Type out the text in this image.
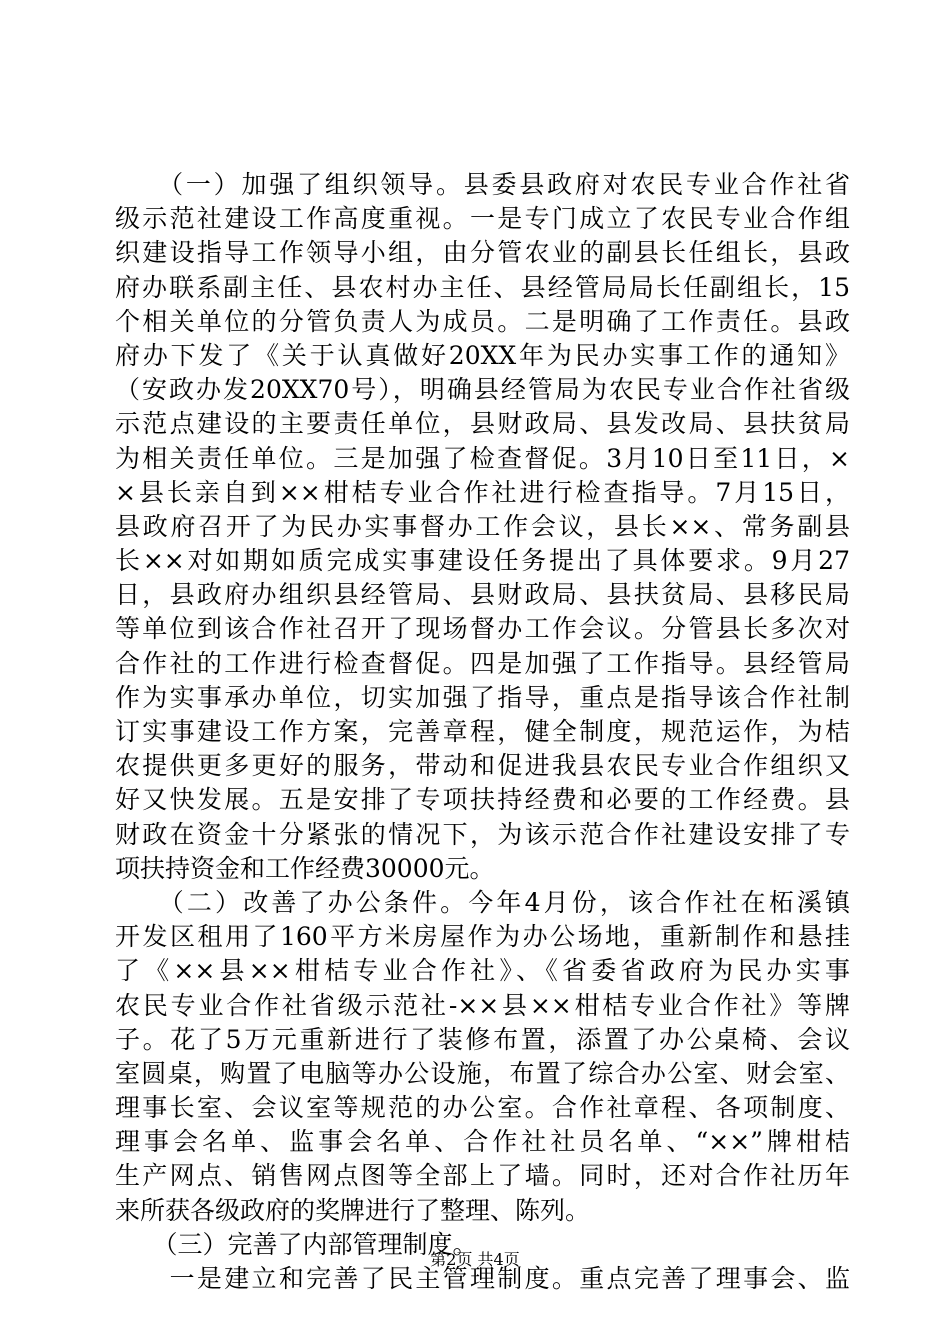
　　（一）加强了组织领导。县委县政府对农民专业合作社省
级示范社建设工作高度重视。一是专门成立了农民专业合作组
织建设指导工作领导小组，由分管农业的副县长任组长，县政
府办联系副主任、县农村办主任、县经管局局长任副组长，15
个相关单位的分管负责人为成员。二是明确了工作责任。县政
府办下发了《关于认真做好20XX年为民办实事工作的通知》
（安政办发20XX70号），明确县经管局为农民专业合作社省级
示范点建设的主要责任单位，县财政局、县发改局、县扶贫局
为相关责任单位。三是加强了检查督促。3月10日至11日，×
×县长亲自到××柑桔专业合作社进行检查指导。7月15日，
县政府召开了为民办实事督办工作会议，县长××、常务副县
长××对如期如质完成实事建设任务提出了具体要求。9月27
日，县政府办组织县经管局、县财政局、县扶贫局、县移民局
等单位到该合作社召开了现场督办工作会议。分管县长多次对
合作社的工作进行检查督促。四是加强了工作指导。县经管局
作为实事承办单位，切实加强了指导，重点是指导该合作社制
订实事建设工作方案，完善章程，健全制度，规范运作，为桔
农提供更多更好的服务，带动和促进我县农民专业合作组织又
好又快发展。五是安排了专项扶持经费和必要的工作经费。县
财政在资金十分紧张的情况下，为该示范合作社建设安排了专
项扶持资金和工作经费30000元。
　　（二）改善了办公条件。今年4月份，该合作社在柘溪镇
开发区租用了160平方米房屋作为办公场地，重新制作和悬挂
了《××县××柑桔专业合作社》、《省委省政府为民办实事
农民专业合作社省级示范社-××县××柑桔专业合作社》等牌
子。花了5万元重新进行了装修布置，添置了办公桌椅、会议
室圆桌，购置了电脑等办公设施，布置了综合办公室、财会室、
理事长室、会议室等规范的办公室。合作社章程、各项制度、
理事会名单、监事会名单、合作社社员名单、“××”牌柑桔
生产网点、销售网点图等全部上了墙。同时，还对合作社历年
来所获各级政府的奖牌进行了整理、陈列。
　　（三）完善了内部管理制度。
　　一是建立和完善了民主管理制度。重点完善了理事会、监
第2页 共4页
